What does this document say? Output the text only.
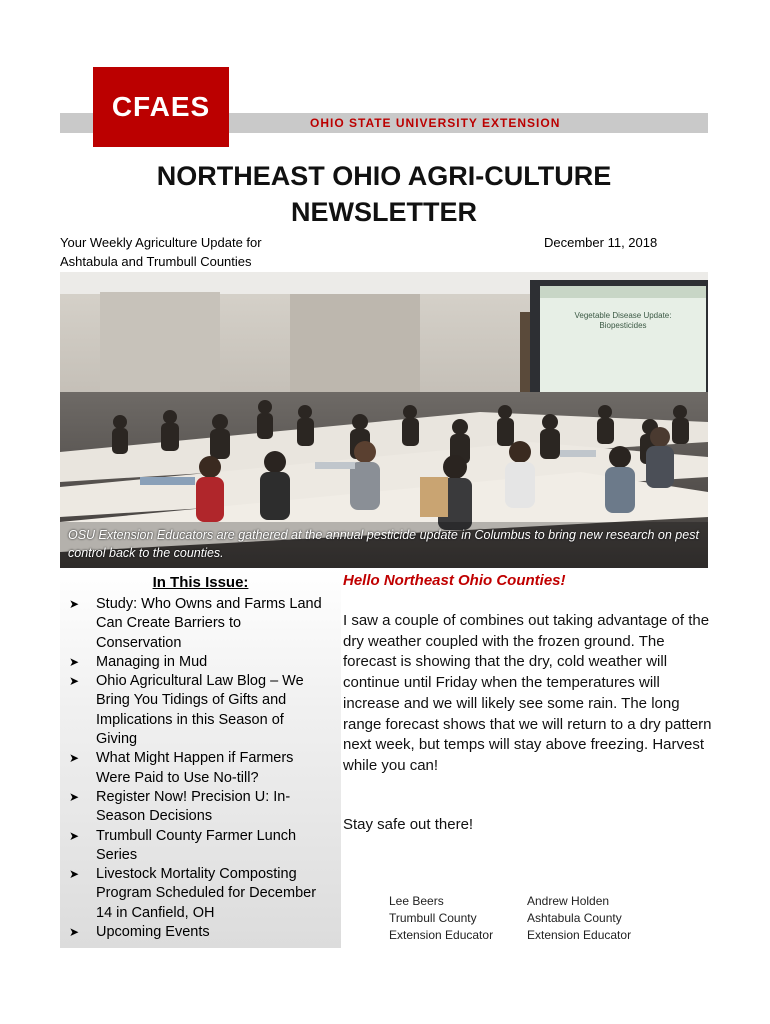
OHIO STATE UNIVERSITY EXTENSION
CFAES
NORTHEAST OHIO AGRI-CULTURE
NEWSLETTER
Your Weekly Agriculture Update for
Ashtabula and Trumbull Counties
December 11, 2018
Vegetable Disease Update:
Biopesticides
OSU Extension Educators are gathered at the annual pesticide update in Columbus to bring new research on pest control back to the counties.
In This Issue:
➤ Study: Who Owns and Farms Land Can Create Barriers to Conservation
➤ Managing in Mud
➤ Ohio Agricultural Law Blog – We Bring You Tidings of Gifts and Implications in this Season of Giving
➤ What Might Happen if Farmers Were Paid to Use No-till?
➤ Register Now! Precision U: In-Season Decisions
➤ Trumbull County Farmer Lunch Series
➤ Livestock Mortality Composting Program Scheduled for December 14 in Canfield, OH
➤ Upcoming Events
Hello Northeast Ohio Counties!
I saw a couple of combines out taking advantage of the dry weather coupled with the frozen ground. The forecast is showing that the dry, cold weather will continue until Friday when the temperatures will increase and we will likely see some rain. The long range forecast shows that we will return to a dry pattern next week, but temps will stay above freezing. Harvest while you can!
Stay safe out there!
Lee Beers
Trumbull County
Extension Educator
Andrew Holden
Ashtabula County
Extension Educator
